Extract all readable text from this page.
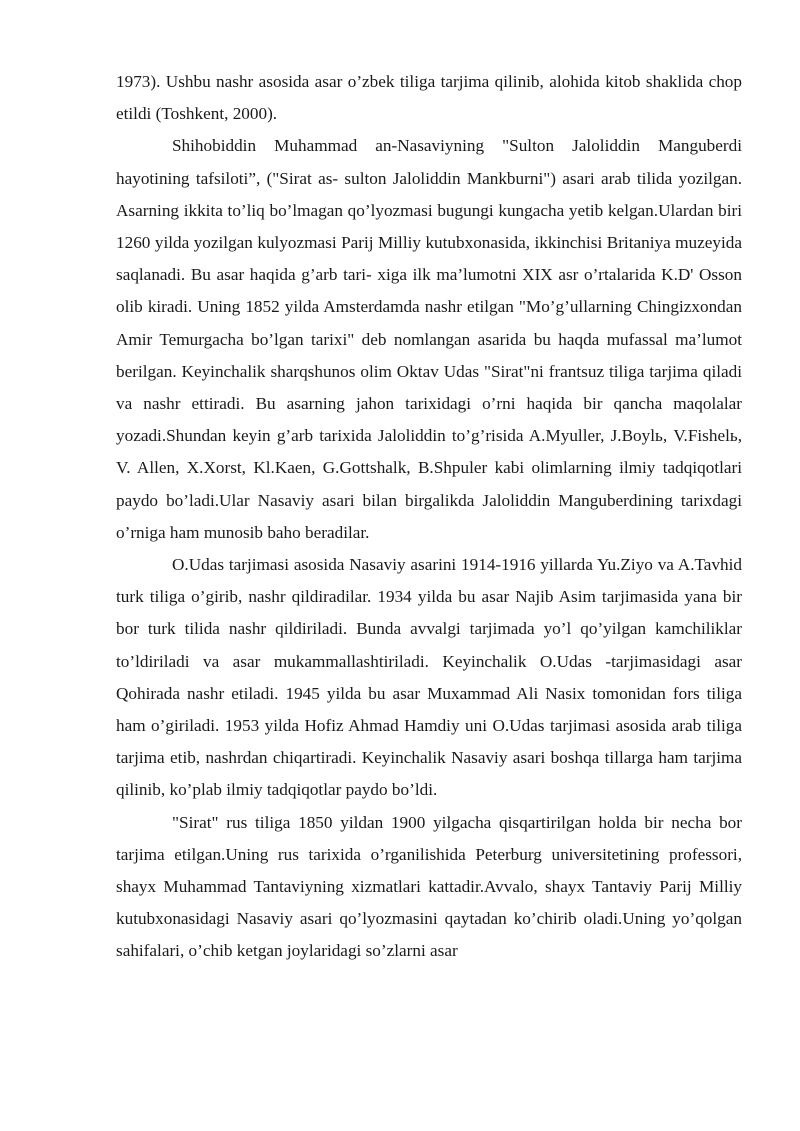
1973). Ushbu nashr asosida asar o’zbek tiliga tarjima qilinib, alohida kitob shaklida chop etildi (Toshkent, 2000).

Shihobiddin Muhammad an-Nasaviyning "Sulton Jaloliddin Manguberdi hayotining tafsiloti”, ("Sirat as- sulton Jaloliddin Mankburni") asari arab tilida yozilgan. Asarning ikkita to’liq bo’lmagan qo’lyozmasi bugungi kungacha yetib kelgan.Ulardan biri 1260 yilda yozilgan kulyozmasi Parij Milliy kutubxonasida, ikkinchisi Britaniya muzeyida saqlanadi. Bu asar haqida g’arb tari- xiga ilk ma’lumotni XIX asr o’rtalarida K.D' Osson olib kiradi. Uning 1852 yilda Amsterdamda nashr etilgan "Mo’g’ullarning Chingizxondan Amir Temurgacha bo’lgan tarixi" deb nomlangan asarida bu haqda mufassal ma’lumot berilgan. Keyinchalik sharqshunos olim Oktav Udas "Sirat"ni frantsuz tiliga tarjima qiladi va nashr ettiradi. Bu asarning jahon tarixidagi o’rni haqida bir qancha maqolalar yozadi.Shundan keyin g’arb tarixida Jaloliddin to’g’risida A.Myuller, J.Boylь, V.Fishelь, V. Allen, X.Xorst, Kl.Kaen, G.Gottshalk, B.Shpuler kabi olimlarning ilmiy tadqiqotlari paydo bo’ladi.Ular Nasaviy asari bilan birgalikda Jaloliddin Manguberdining tarixdagi o’rniga ham munosib baho beradilar.

O.Udas tarjimasi asosida Nasaviy asarini 1914-1916 yillarda Yu.Ziyo va A.Tavhid turk tiliga o’girib, nashr qildiradilar. 1934 yilda bu asar Najib Asim tarjimasida yana bir bor turk tilida nashr qildiriladi. Bunda avvalgi tarjimada yo’l qo’yilgan kamchiliklar to’ldiriladi va asar mukammallashtiriladi. Keyinchalik O.Udas -tarjimasidagi asar Qohirada nashr etiladi. 1945 yilda bu asar Muxammad Ali Nasix tomonidan fors tiliga ham o’giriladi. 1953 yilda Hofiz Ahmad Hamdiy uni O.Udas tarjimasi asosida arab tiliga tarjima etib, nashrdan chiqartiradi. Keyinchalik Nasaviy asari boshqa tillarga ham tarjima qilinib, ko’plab ilmiy tadqiqotlar paydo bo’ldi.

"Sirat" rus tiliga 1850 yildan 1900 yilgacha qisqartirilgan holda bir necha bor tarjima etilgan.Uning rus tarixida o’rganilishida Peterburg universitetining professori, shayx Muhammad Tantaviyning xizmatlari kattadir.Avvalo, shayx Tantaviy Parij Milliy kutubxonasidagi Nasaviy asari qo’lyozmasini qaytadan ko’chirib oladi.Uning yo’qolgan sahifalari, o’chib ketgan joylaridagi so’zlarni asar
